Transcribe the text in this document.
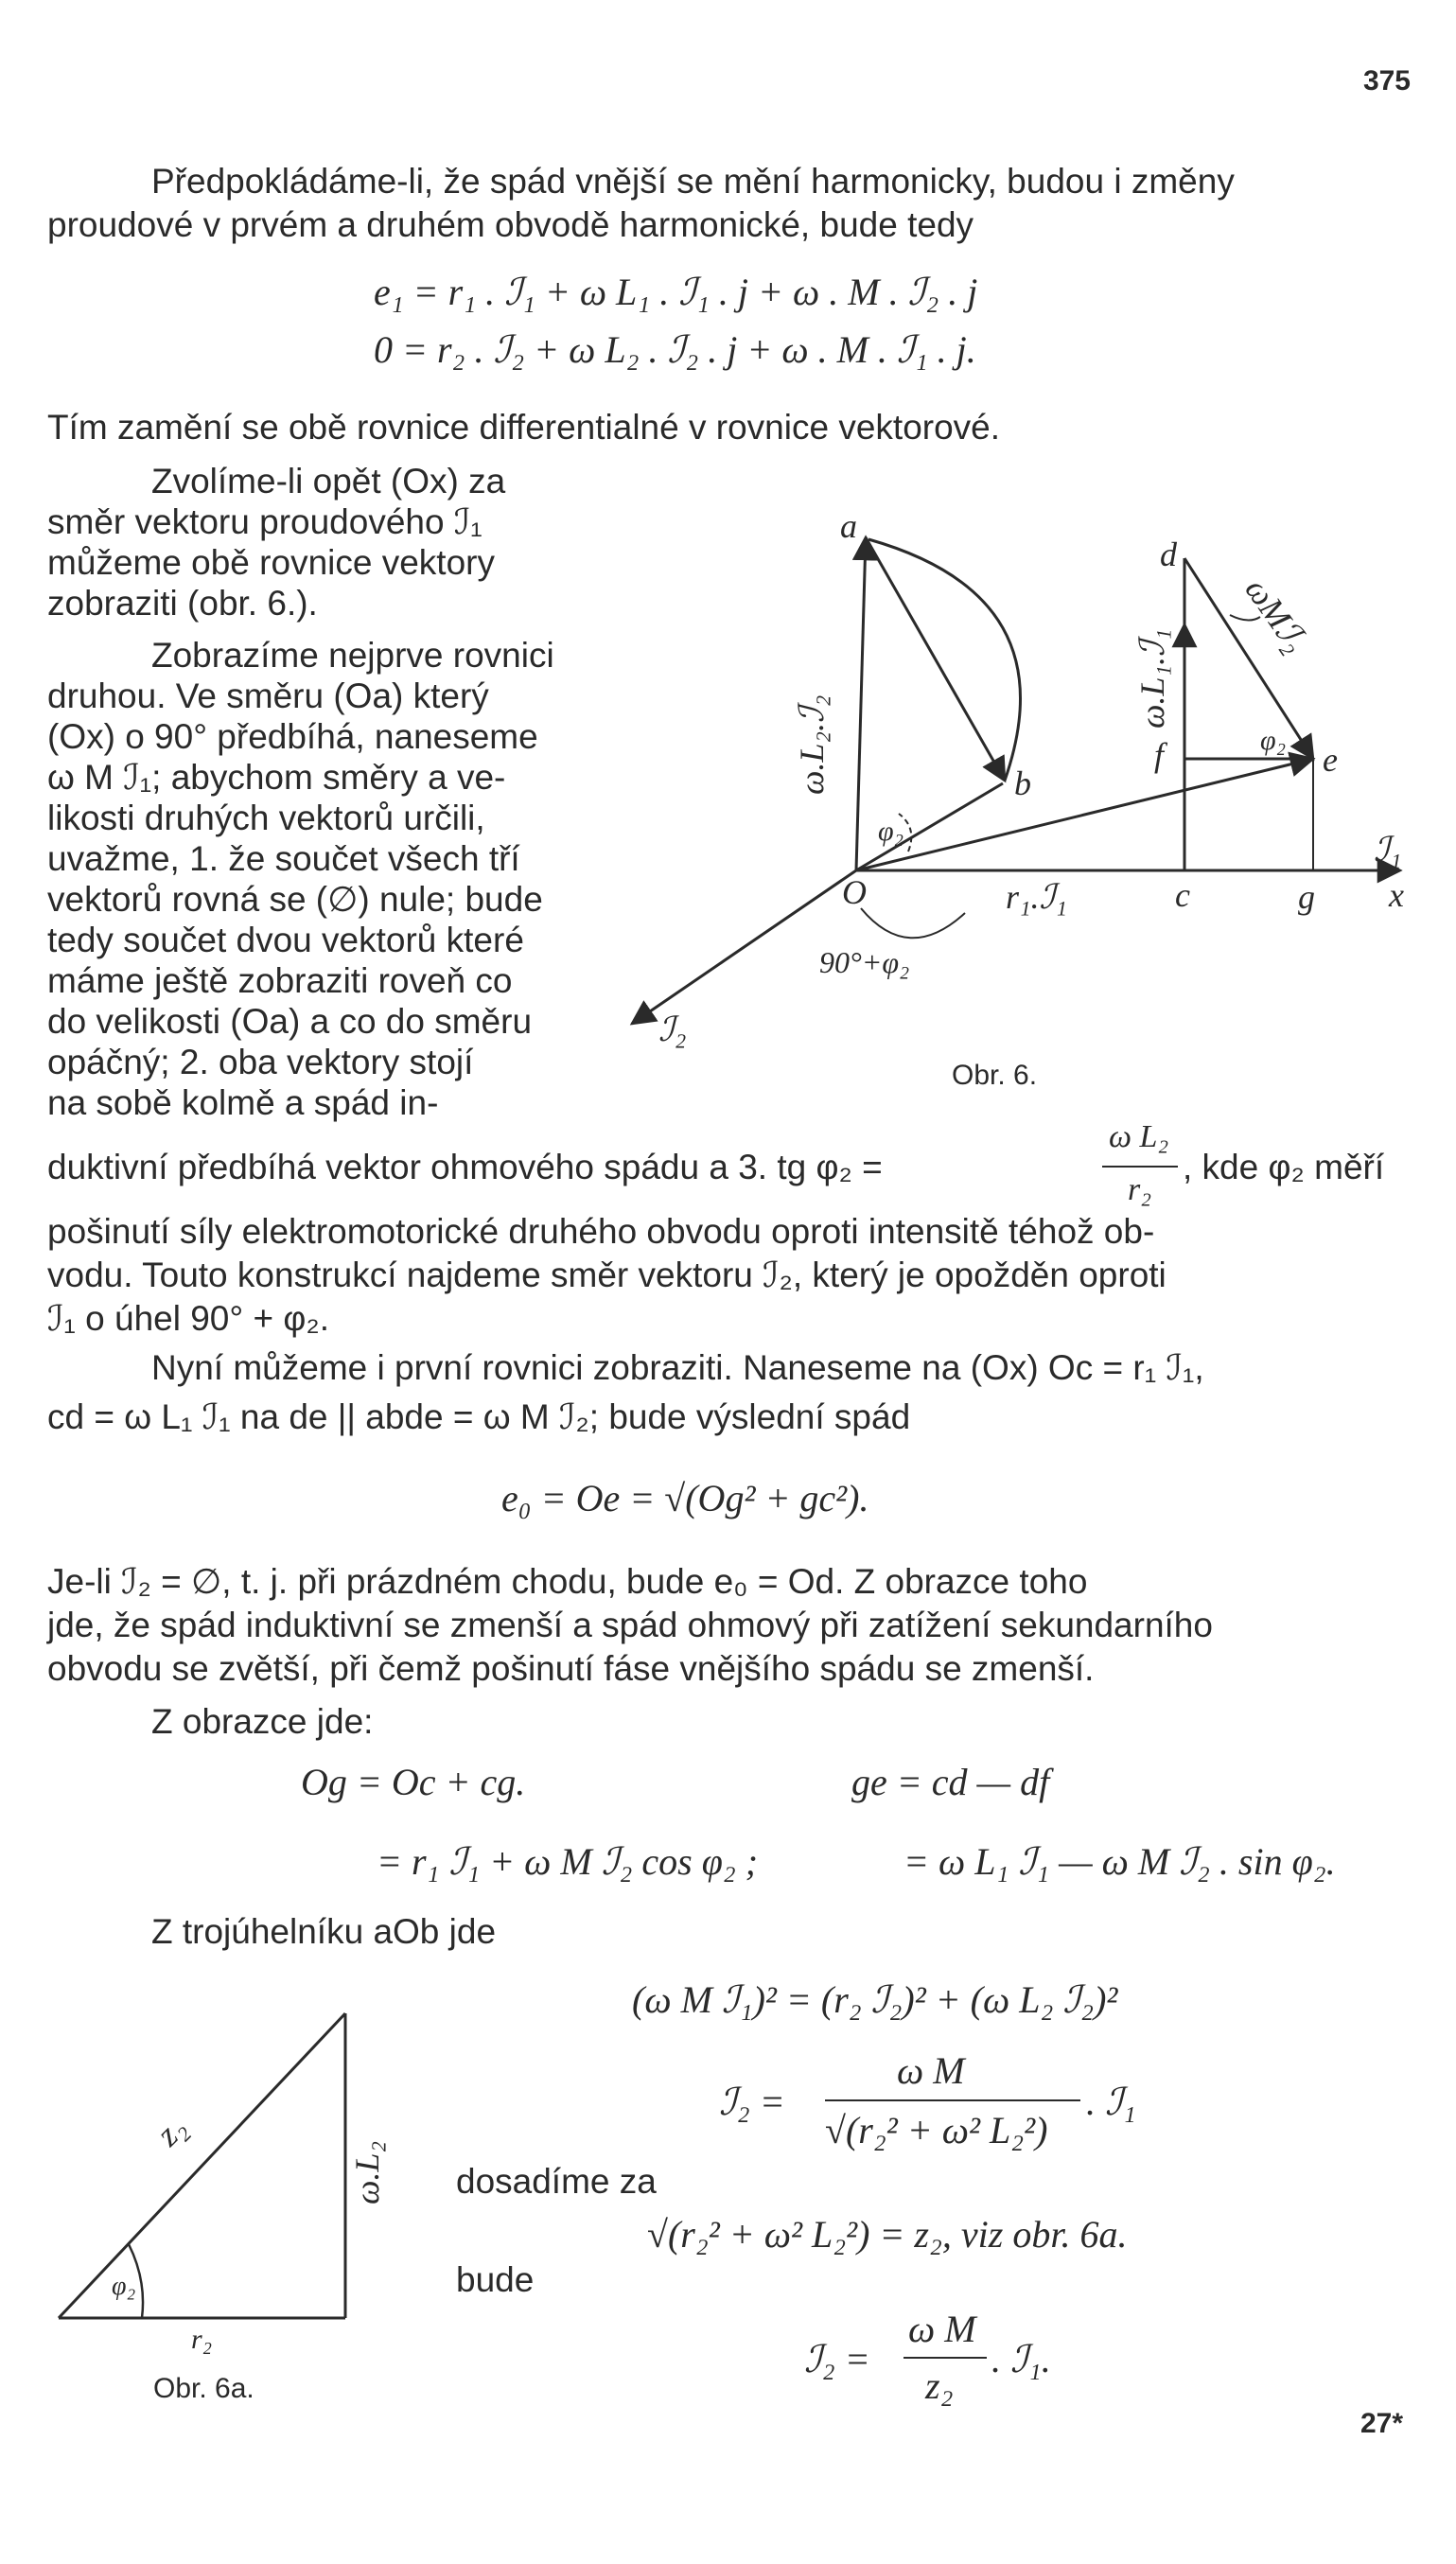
375
Předpokládáme-li, že spád vnější se mění harmonicky, budou i změny
proudové v prvém a druhém obvodě harmonické, bude tedy
e₁ = r₁ . ℐ₁ + ω L₁ . ℐ₁ . j + ω . M . ℐ₂ . j
0 = r₂ . ℐ₂ + ω L₂ . ℐ₂ . j + ω . M . ℐ₁ . j.
Tím zamění se obě rovnice differentialné v rovnice vektorové.
Zvolíme-li opět (Ox) za
směr vektoru proudového ℐ₁
můžeme obě rovnice vektory
zobraziti (obr. 6.).
Zobrazíme nejprve rovnici
druhou. Ve směru (Oa) který
(Ox) o 90° předbíhá, naneseme
ω M ℐ₁; abychom směry a ve-
likosti druhých vektorů určili,
uvažme, 1. že součet všech tří
vektorů rovná se (∅) nule; bude
tedy součet dvou vektorů které
máme ještě zobraziti roveň co
do velikosti (Oa) a co do směru
opáčný; 2. oba vektory stojí
na sobě kolmě a spád in-
a
b
d
e
f
c	g
O	x
ℐ₁
ℐ₂
r₁.ℐ₁
ω.L₂.ℐ₂
ω.L₁.ℐ₁
ωMℐ₂
φ₂
φ₂
90°+φ₂
Obr. 6.
duktivní předbíhá vektor ohmového spádu a 3. tg φ₂ =
ω L₂
r₂
, kde φ₂ měří
pošinutí síly elektromotorické druhého obvodu oproti intensitě téhož ob-
vodu. Touto konstrukcí najdeme směr vektoru ℐ₂, který je opožděn oproti
ℐ₁ o úhel 90° + φ₂.
Nyní můžeme i první rovnici zobraziti. Naneseme na (Ox) Oc = r₁ ℐ₁,
cd = ω L₁ ℐ₁ na de || abde = ω M ℐ₂; bude výslední spád
e₀ = Oe = √(Og² + gc²).
Je-li ℐ₂ = ∅, t. j. při prázdném chodu, bude e₀ = Od. Z obrazce toho
jde, že spád induktivní se zmenší a spád ohmový při zatížení sekundarního
obvodu se zvětší, při čemž pošinutí fáse vnějšího spádu se zmenší.
Z obrazce jde:
Og = Oc + cg.	ge = cd — df
= r₁ ℐ₁ + ω M ℐ₂ cos φ₂ ;	= ω L₁ ℐ₁ — ω M ℐ₂ . sin φ₂.
Z trojúhelníku aOb jde
z₂
ω.L₂
φ₂
r₂
Obr. 6a.
(ω M ℐ₁)² = (r₂ ℐ₂)² + (ω L₂ ℐ₂)²
ℐ₂ =
ω M
√(r₂² + ω² L₂²)
. ℐ₁
dosadíme za
√(r₂² + ω² L₂²) = z₂, viz obr. 6a.
bude
ℐ₂ =
ω M
z₂
. ℐ₁.
27*
